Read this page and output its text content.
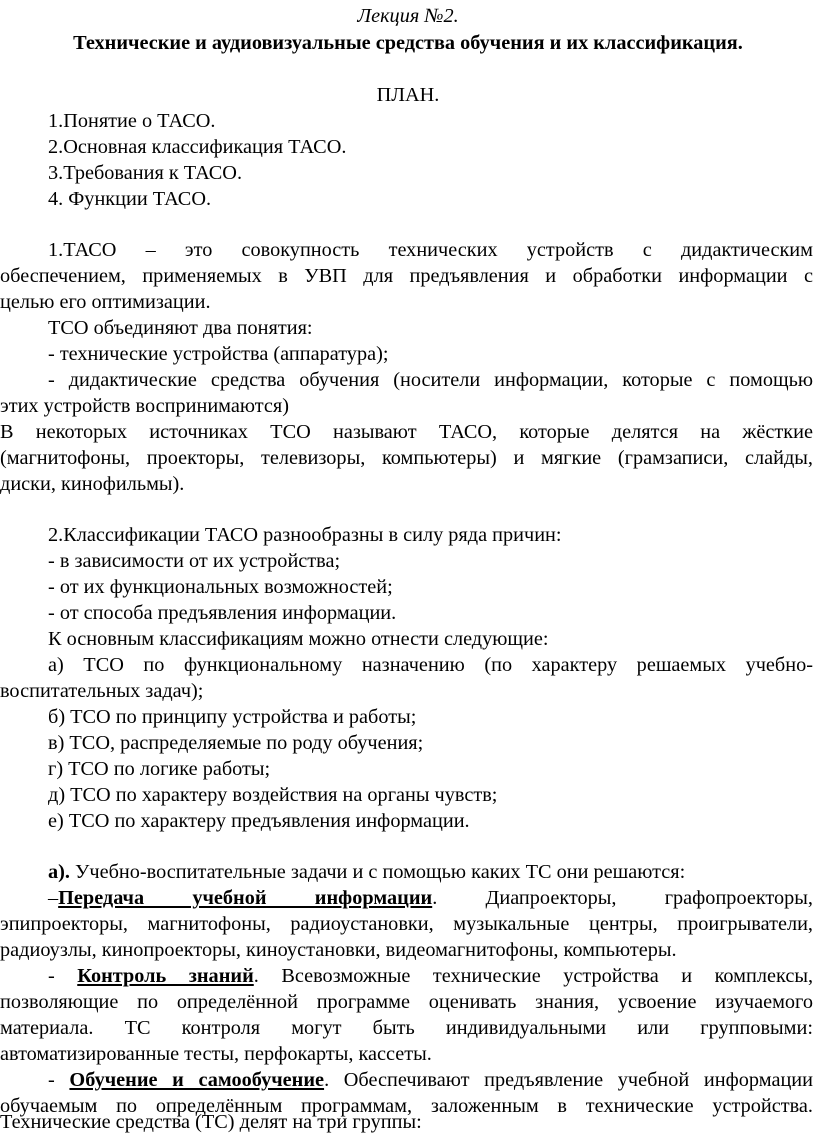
Лекция №2.
Технические и аудиовизуальные средства обучения и их классификация.
ПЛАН.
1.Понятие о ТАСО.
2.Основная классификация ТАСО.
3.Требования к ТАСО.
4. Функции ТАСО.
1.ТАСО – это совокупность технических устройств с дидактическим
обеспечением, применяемых в УВП для предъявления и обработки информации с
целью его оптимизации.
ТСО объединяют два понятия:
- технические устройства (аппаратура);
- дидактические средства обучения (носители информации, которые с помощью
этих устройств воспринимаются)
В некоторых источниках ТСО называют ТАСО, которые делятся на жёсткие
(магнитофоны, проекторы, телевизоры, компьютеры) и мягкие (грамзаписи, слайды,
диски, кинофильмы).
2.Классификации ТАСО разнообразны в силу ряда причин:
- в зависимости от их устройства;
- от их функциональных возможностей;
- от способа предъявления информации.
К основным классификациям можно отнести следующие:
а) ТСО по функциональному назначению (по характеру решаемых учебно-
воспитательных задач);
б) ТСО по принципу устройства и работы;
в) ТСО, распределяемые по роду обучения;
г) ТСО по логике работы;
д) ТСО по характеру воздействия на органы чувств;
е) ТСО по характеру предъявления информации.
а). Учебно-воспитательные задачи и с помощью каких ТС они решаются:
–Передача учебной информации. Диапроекторы, графопроекторы,
эпипроекторы, магнитофоны, радиоустановки, музыкальные центры, проигрыватели,
радиоузлы, кинопроекторы, киноустановки, видеомагнитофоны, компьютеры.
- Контроль знаний. Всевозможные технические устройства и комплексы,
позволяющие по определённой программе оценивать знания, усвоение изучаемого
материала. ТС контроля могут быть индивидуальными или групповыми:
автоматизированные тесты, перфокарты, кассеты.
- Обучение и самообучение. Обеспечивают предъявление учебной информации
обучаемым по определённым программам, заложенным в технические устройства.
Технические средства (ТС) делят на три группы:
